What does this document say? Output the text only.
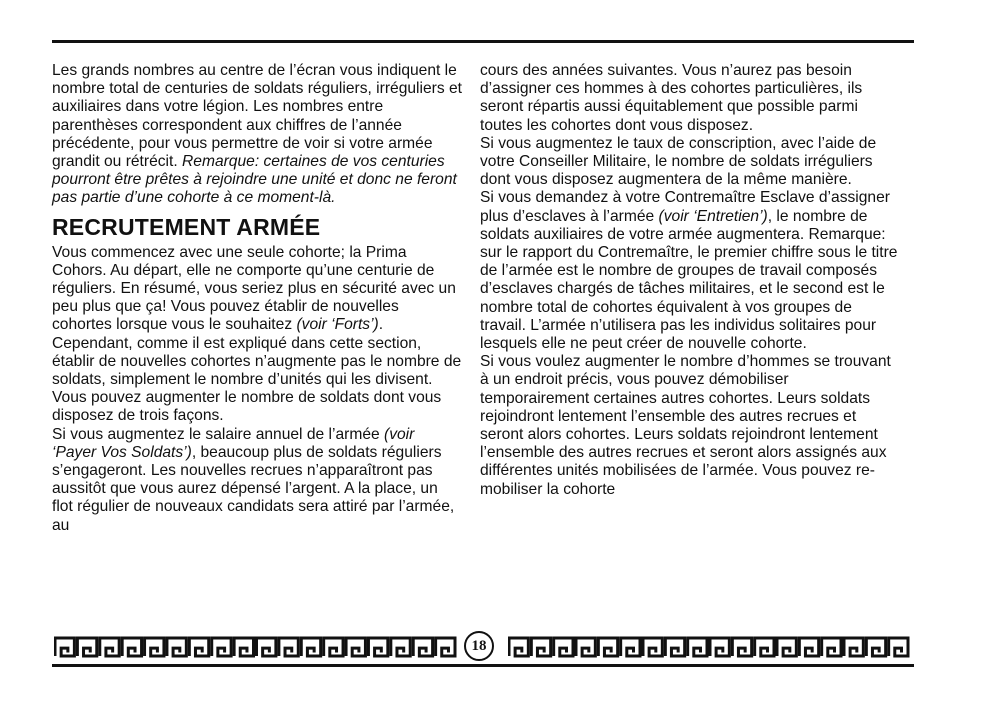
Les grands nombres au centre de l’écran vous indiquent le nombre total de centuries de soldats réguliers, irréguliers et auxiliaires dans votre légion. Les nombres entre parenthèses correspondent aux chiffres de l’année précédente, pour vous permettre de voir si votre armée grandit ou rétrécit. Remarque: certaines de vos centuries pourront être prêtes à rejoindre une unité et donc ne feront pas partie d’une cohorte à ce moment-là.

RECRUTEMENT ARMÉE

Vous commencez avec une seule cohorte; la Prima Cohors. Au départ, elle ne comporte qu’une centurie de réguliers. En résumé, vous seriez plus en sécurité avec un peu plus que ça! Vous pouvez établir de nouvelles cohortes lorsque vous le souhaitez (voir ‘Forts’). Cependant, comme il est expliqué dans cette section, établir de nouvelles cohortes n’augmente pas le nombre de soldats, simplement le nombre d’unités qui les divisent. Vous pouvez augmenter le nombre de soldats dont vous disposez de trois façons.

Si vous augmentez le salaire annuel de l’armée (voir ‘Payer Vos Soldats’), beaucoup plus de soldats réguliers s’engageront. Les nouvelles recrues n’apparaîtront pas aussitôt que vous aurez dépensé l’argent. A la place, un flot régulier de nouveaux candidats sera attiré par l’armée, au

cours des années suivantes. Vous n’aurez pas besoin d’assigner ces hommes à des cohortes particulières, ils seront répartis aussi équitablement que possible parmi toutes les cohortes dont vous disposez.

Si vous augmentez le taux de conscription, avec l’aide de votre Conseiller Militaire, le nombre de soldats irréguliers dont vous disposez augmentera de la même manière.

Si vous demandez à votre Contremaître Esclave d’assigner plus d’esclaves à l’armée (voir ‘Entretien’), le nombre de soldats auxiliaires de votre armée augmentera. Remarque: sur le rapport du Contremaître, le premier chiffre sous le titre de l’armée est le nombre de groupes de travail composés d’esclaves chargés de tâches militaires, et le second est le nombre total de cohortes équivalent à vos groupes de travail. L’armée n’utilisera pas les individus solitaires pour lesquels elle ne peut créer de nouvelle cohorte.

Si vous voulez augmenter le nombre d’hommes se trouvant à un endroit précis, vous pouvez démobiliser temporairement certaines autres cohortes. Leurs soldats rejoindront lentement l’ensemble des autres recrues et seront alors cohortes. Leurs soldats rejoindront lentement l’ensemble des autres recrues et seront alors assignés aux différentes unités mobilisées de l’armée. Vous pouvez re-mobiliser la cohorte

18
